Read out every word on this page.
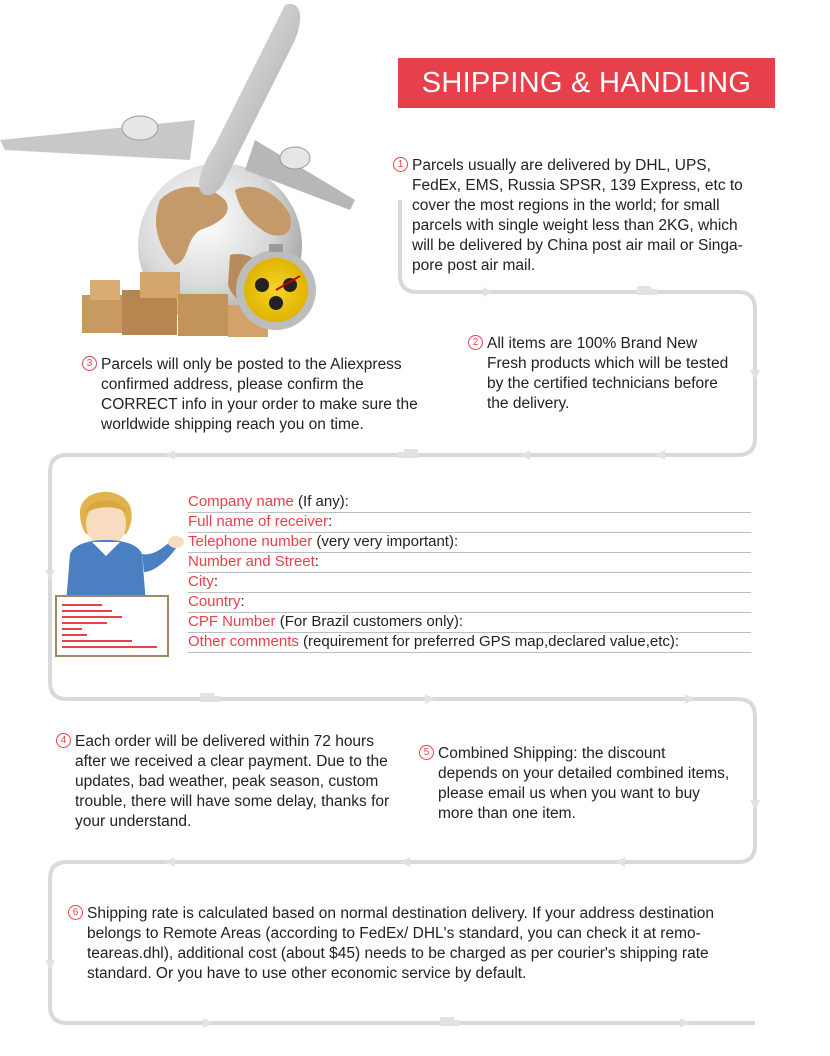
SHIPPING & HANDLING
1 Parcels usually are delivered by DHL, UPS,
FedEx, EMS, Russia SPSR, 139 Express, etc to
cover the most regions in the world; for small
parcels with single weight less than 2KG, which
will be delivered by China post air mail or Singa-
pore post air mail.
2 All items are 100% Brand New
Fresh products which will be tested
by the certified technicians before
the delivery.
3 Parcels will only be posted to the Aliexpress
confirmed address, please confirm the
CORRECT info in your order to make sure the
worldwide shipping reach you on time.
Company name (If any):
Full name of receiver:
Telephone number (very very important):
Number and Street:
City:
Country:
CPF Number (For Brazil customers only):
Other comments (requirement for preferred GPS map,declared value,etc):
4 Each order will be delivered within 72 hours
after we received a clear payment. Due to the
updates, bad weather, peak season, custom
trouble, there will have some delay, thanks for
your understand.
5 Combined Shipping: the discount
depends on your detailed combined items,
please email us when you want to buy
more than one item.
6 Shipping rate is calculated based on normal destination delivery. If your address destination
belongs to Remote Areas (according to FedEx/ DHL's standard, you can check it at remo-
teareas.dhl), additional cost (about $45) needs to be charged as per courier's shipping rate
standard. Or you have to use other economic service by default.
